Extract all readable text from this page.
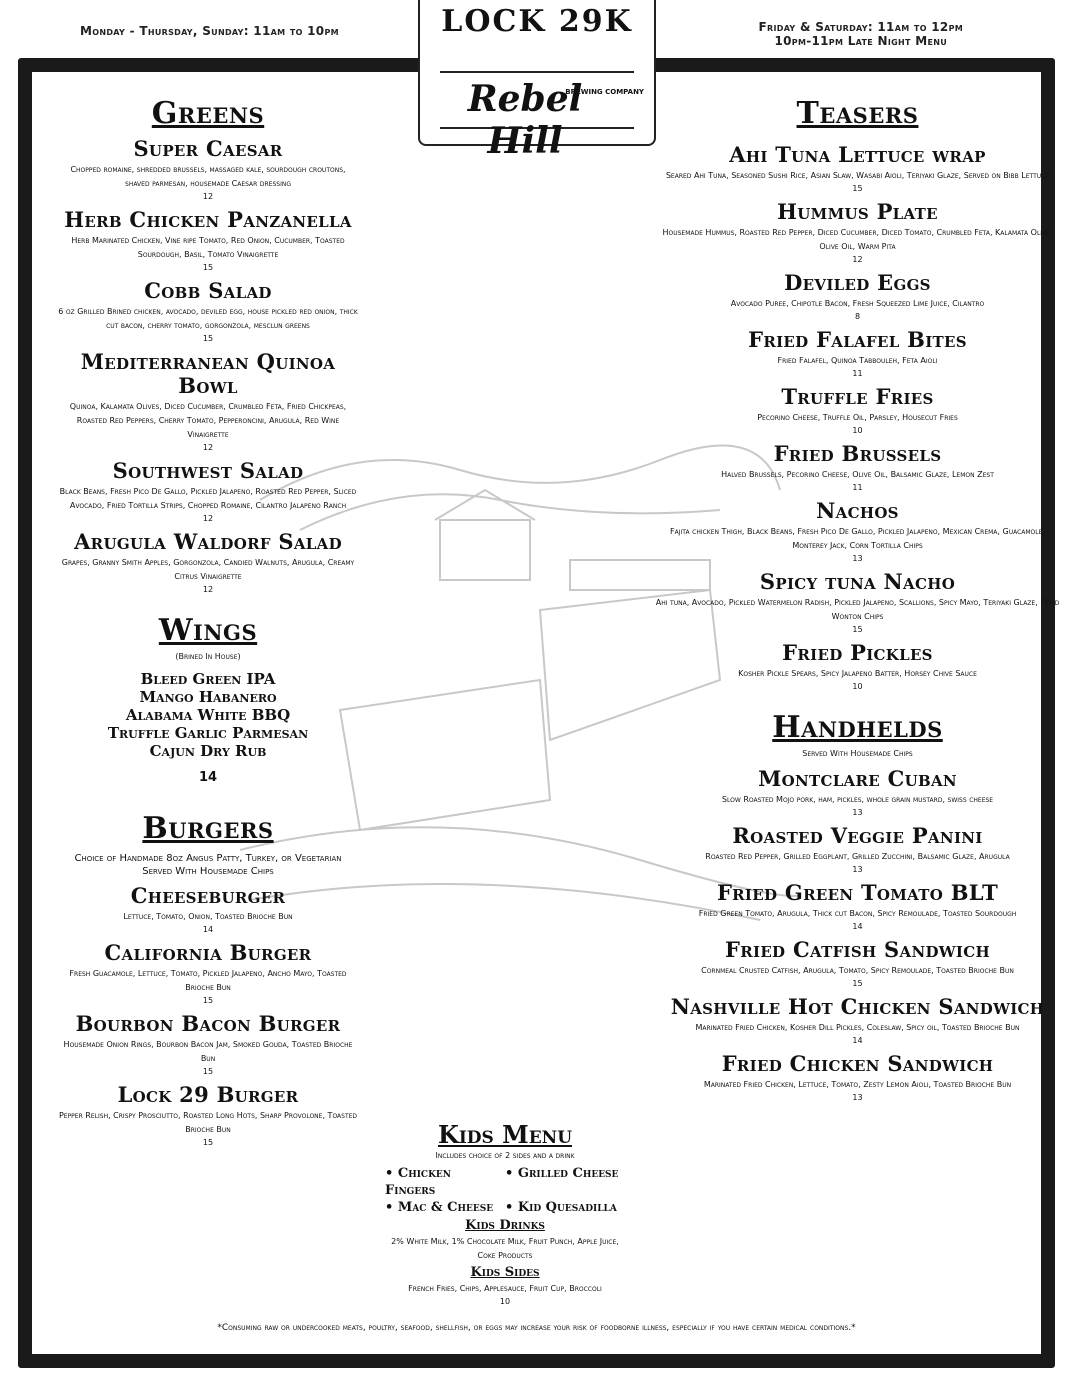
Monday - Thursday, Sunday: 11am to 10pm	Friday & Saturday: 11am to 12pm
10pm-11pm Late Night Menu
LOCK 29K
Rebel Hill
BREWING COMPANY
Greens
Super Caesar

Chopped romaine, shredded brussels, massaged kale, sourdough croutons, shaved parmesan, housemade Caesar dressing

12

Herb Chicken Panzanella

Herb Marinated Chicken, Vine ripe Tomato, Red Onion, Cucumber, Toasted Sourdough, Basil, Tomato Vinaigrette

15

Cobb Salad

6 oz Grilled Brined chicken, avocado, deviled egg, house pickled red onion, thick cut bacon, cherry tomato, gorgonzola, mesclun greens

15

Mediterranean Quinoa Bowl

Quinoa, Kalamata Olives, Diced Cucumber, Crumbled Feta, Fried Chickpeas, Roasted Red Peppers, Cherry Tomato, Pepperoncini, Arugula, Red Wine Vinaigrette

12

Southwest Salad

Black Beans, Fresh Pico De Gallo, Pickled Jalapeno, Roasted Red Pepper, Sliced Avocado, Fried Tortilla Strips, Chopped Romaine, Cilantro Jalapeno Ranch

12

Arugula Waldorf Salad

Grapes, Granny Smith Apples, Gorgonzola, Candied Walnuts, Arugula, Creamy Citrus Vinaigrette

12

Wings

(Brined In House)

Bleed Green IPA

Mango Habanero

Alabama White BBQ

Truffle Garlic Parmesan

Cajun Dry Rub

14

Burgers

Choice of Handmade 8oz Angus Patty, Turkey, or Vegetarian

Served With Housemade Chips

Cheeseburger

Lettuce, Tomato, Onion, Toasted Brioche Bun

14

California Burger

Fresh Guacamole, Lettuce, Tomato, Pickled Jalapeno, Ancho Mayo, Toasted Brioche Bun

15

Bourbon Bacon Burger

Housemade Onion Rings, Bourbon Bacon Jam, Smoked Gouda, Toasted Brioche Bun

15

Lock 29 Burger

Pepper Relish, Crispy Prosciutto, Roasted Long Hots, Sharp Provolone, Toasted Brioche Bun

15

Teasers
Ahi Tuna Lettuce wrap

Seared Ahi Tuna, Seasoned Sushi Rice, Asian Slaw, Wasabi Aioli, Teriyaki Glaze, Served on Bibb Lettuce

15

Hummus Plate

Housemade Hummus, Roasted Red Pepper, Diced Cucumber, Diced Tomato, Crumbled Feta, Kalamata Olive, Olive Oil, Warm Pita

12

Deviled Eggs

Avocado Puree, Chipotle Bacon, Fresh Squeezed Lime Juice, Cilantro

8

Fried Falafel Bites

Fried Falafel, Quinoa Tabbouleh, Feta Aioli

11

Truffle Fries

Pecorino Cheese, Truffle Oil, Parsley, Housecut Fries

10

Fried Brussels

Halved Brussels, Pecorino Cheese, Olive Oil, Balsamic Glaze, Lemon Zest

11

Nachos

Fajita chicken Thigh, Black Beans, Fresh Pico De Gallo, Pickled Jalapeno, Mexican Crema, Guacamole, Monterey Jack, Corn Tortilla Chips

13

Spicy tuna Nacho

Ahi tuna, Avocado, Pickled Watermelon Radish, Pickled Jalapeno, Scallions, Spicy Mayo, Teriyaki Glaze, Fried Wonton Chips

15

Fried Pickles

Kosher Pickle Spears, Spicy Jalapeno Batter, Horsey Chive Sauce

10

Handhelds

Served With Housemade Chips

Montclare Cuban

Slow Roasted Mojo pork, ham, pickles, whole grain mustard, swiss cheese

13

Roasted Veggie Panini

Roasted Red Pepper, Grilled Eggplant, Grilled Zucchini, Balsamic Glaze, Arugula

13

Fried Green Tomato BLT

Fried Green Tomato, Arugula, Thick cut Bacon, Spicy Remoulade, Toasted Sourdough

14

Fried Catfish Sandwich

Cornmeal Crusted Catfish, Arugula, Tomato, Spicy Remoulade, Toasted Brioche Bun

15

Nashville Hot Chicken Sandwich

Marinated Fried Chicken, Kosher Dill Pickles, Coleslaw, Spicy oil, Toasted Brioche Bun

14

Fried Chicken Sandwich

Marinated Fried Chicken, Lettuce, Tomato, Zesty Lemon Aioli, Toasted Brioche Bun

13

Kids Menu

Includes choice of 2 sides and a drink

• Chicken Fingers
• Grilled Cheese
• Mac & Cheese • Kid Quesadilla

Kids Drinks

2% White Milk, 1% Chocolate Milk, Fruit Punch, Apple Juice, Coke Products

Kids Sides

French Fries, Chips, Applesauce, Fruit Cup, Broccoli

10

*Consuming raw or undercooked meats, poultry, seafood, shellfish, or eggs may increase your risk of foodborne illness, especially if you have certain medical conditions.*
